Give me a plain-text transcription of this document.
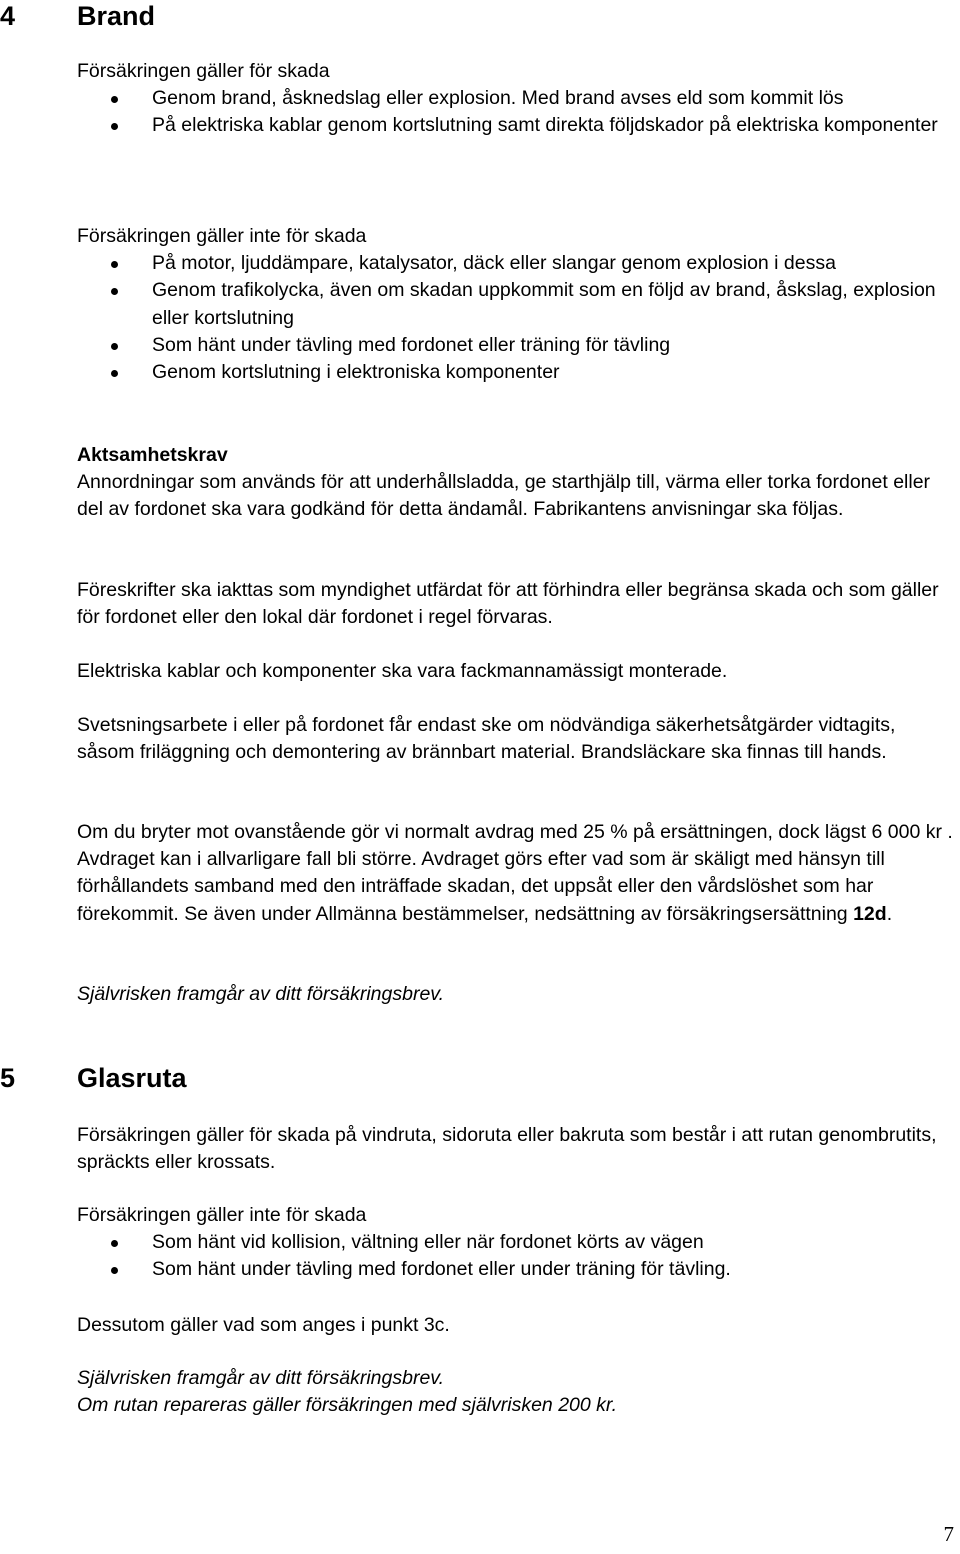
4 Brand

Försäkringen gäller för skada

Genom brand, åsknedslag eller explosion. Med brand avses eld som kommit lös
På elektriska kablar genom kortslutning samt direkta följdskador på elektriska komponenter

Försäkringen gäller inte för skada

På motor, ljuddämpare, katalysator, däck eller slangar genom explosion i dessa
Genom trafikolycka, även om skadan uppkommit som en följd av brand, åskslag, explosion eller kortslutning
Som hänt under tävling med fordonet eller träning för tävling
Genom kortslutning i elektroniska komponenter

Aktsamhetskrav

Annordningar som används för att underhållsladda, ge starthjälp till, värma eller torka fordonet eller del av fordonet ska vara godkänd för detta ändamål. Fabrikantens anvisningar ska följas.

Föreskrifter ska iakttas som myndighet utfärdat för att förhindra eller begränsa skada och som gäller för fordonet eller den lokal där fordonet i regel förvaras.

Elektriska kablar och komponenter ska vara fackmannamässigt monterade.

Svetsningsarbete i eller på fordonet får endast ske om nödvändiga säkerhetsåtgärder vidtagits, såsom friläggning och demontering av brännbart material. Brandsläckare ska finnas till hands.

Om du bryter mot ovanstående gör vi normalt avdrag med 25 % på ersättningen, dock lägst 6 000 kr . Avdraget kan i allvarligare fall bli större. Avdraget görs efter vad som är skäligt med hänsyn till förhållandets samband med den inträffade skadan, det uppsåt eller den vårdslöshet som har förekommit. Se även under Allmänna bestämmelser, nedsättning av försäkringsersättning 12d.

Självrisken framgår av ditt försäkringsbrev.

5 Glasruta

Försäkringen gäller för skada på vindruta, sidoruta eller bakruta som består i att rutan genombrutits, spräckts eller krossats.

Försäkringen gäller inte för skada

Som hänt vid kollision, vältning eller när fordonet körts av vägen
Som hänt under tävling med fordonet eller under träning för tävling.

Dessutom gäller vad som anges i punkt 3c.

Självrisken framgår av ditt försäkringsbrev.

Om rutan repareras gäller försäkringen med självrisken 200 kr.

7
